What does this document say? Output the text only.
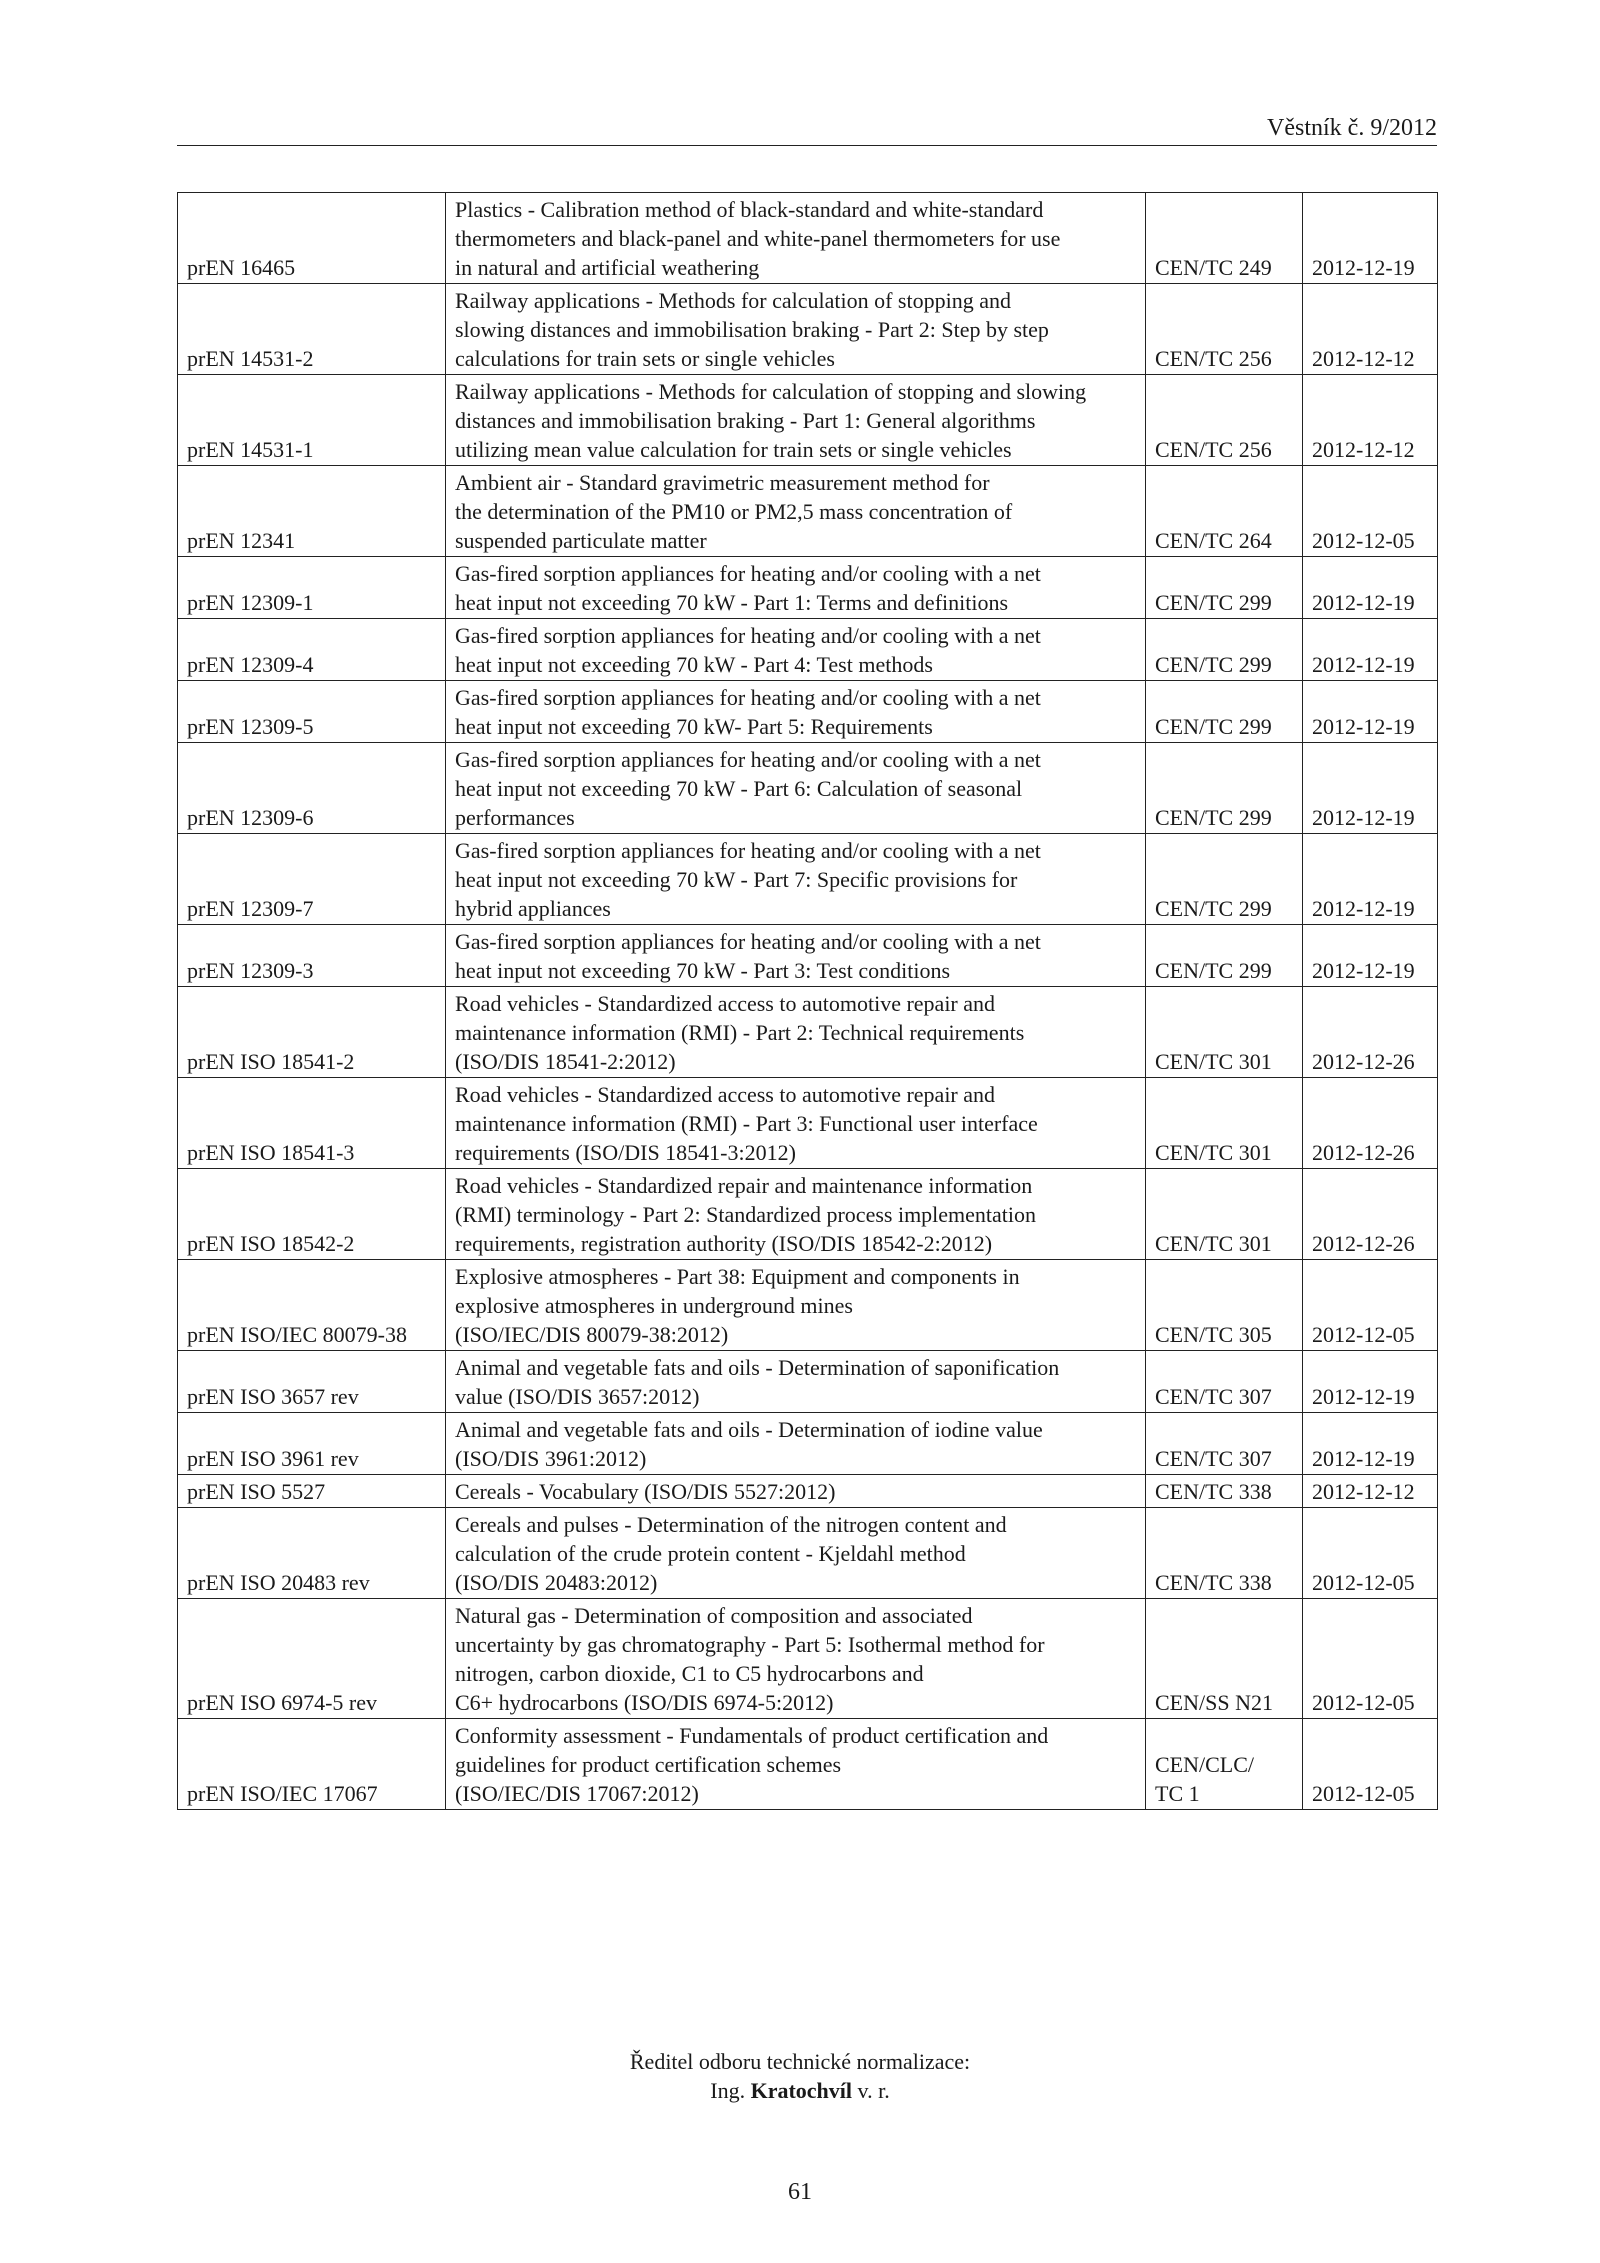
Věstník č. 9/2012
prEN 16465	Plastics - Calibration method of black-standard and white-standard
thermometers and black-panel and white-panel thermometers for use
in natural and artificial weathering	CEN/TC 249	2012-12-19
prEN 14531-2	Railway applications - Methods for calculation of stopping and
slowing distances and immobilisation braking - Part 2: Step by step
calculations for train sets or single vehicles	CEN/TC 256	2012-12-12
prEN 14531-1	Railway applications - Methods for calculation of stopping and slowing
distances and immobilisation braking - Part 1: General algorithms
utilizing mean value calculation for train sets or single vehicles	CEN/TC 256	2012-12-12
prEN 12341	Ambient air - Standard gravimetric measurement method for
the determination of the PM10 or PM2,5 mass concentration of
suspended particulate matter	CEN/TC 264	2012-12-05
prEN 12309-1	Gas-fired sorption appliances for heating and/or cooling with a net
heat input not exceeding 70 kW - Part 1: Terms and definitions	CEN/TC 299	2012-12-19
prEN 12309-4	Gas-fired sorption appliances for heating and/or cooling with a net
heat input not exceeding 70 kW - Part 4: Test methods	CEN/TC 299	2012-12-19
prEN 12309-5	Gas-fired sorption appliances for heating and/or cooling with a net
heat input not exceeding 70 kW- Part 5: Requirements	CEN/TC 299	2012-12-19
prEN 12309-6	Gas-fired sorption appliances for heating and/or cooling with a net
heat input not exceeding 70 kW - Part 6: Calculation of seasonal
performances	CEN/TC 299	2012-12-19
prEN 12309-7	Gas-fired sorption appliances for heating and/or cooling with a net
heat input not exceeding 70 kW - Part 7: Specific provisions for
hybrid appliances	CEN/TC 299	2012-12-19
prEN 12309-3	Gas-fired sorption appliances for heating and/or cooling with a net
heat input not exceeding 70 kW - Part 3: Test conditions	CEN/TC 299	2012-12-19
prEN ISO 18541-2	Road vehicles - Standardized access to automotive repair and
maintenance information (RMI) - Part 2: Technical requirements
(ISO/DIS 18541-2:2012)	CEN/TC 301	2012-12-26
prEN ISO 18541-3	Road vehicles - Standardized access to automotive repair and
maintenance information (RMI) - Part 3: Functional user interface
requirements (ISO/DIS 18541-3:2012)	CEN/TC 301	2012-12-26
prEN ISO 18542-2	Road vehicles - Standardized repair and maintenance information
(RMI) terminology - Part 2: Standardized process implementation
requirements, registration authority (ISO/DIS 18542-2:2012)	CEN/TC 301	2012-12-26
prEN ISO/IEC 80079-38	Explosive atmospheres - Part 38: Equipment and components in
explosive atmospheres in underground mines
(ISO/IEC/DIS 80079-38:2012)	CEN/TC 305	2012-12-05
prEN ISO 3657 rev	Animal and vegetable fats and oils - Determination of saponification
value (ISO/DIS 3657:2012)	CEN/TC 307	2012-12-19
prEN ISO 3961 rev	Animal and vegetable fats and oils - Determination of iodine value
(ISO/DIS 3961:2012)	CEN/TC 307	2012-12-19
prEN ISO 5527	Cereals - Vocabulary (ISO/DIS 5527:2012)	CEN/TC 338	2012-12-12
prEN ISO 20483 rev	Cereals and pulses - Determination of the nitrogen content and
calculation of the crude protein content - Kjeldahl method
(ISO/DIS 20483:2012)	CEN/TC 338	2012-12-05
prEN ISO 6974-5 rev	Natural gas - Determination of composition and associated
uncertainty by gas chromatography - Part 5: Isothermal method for
nitrogen, carbon dioxide, C1 to C5 hydrocarbons and
C6+ hydrocarbons (ISO/DIS 6974-5:2012)	CEN/SS N21	2012-12-05
prEN ISO/IEC 17067	Conformity assessment - Fundamentals of product certification and
guidelines for product certification schemes
(ISO/IEC/DIS 17067:2012)	CEN/CLC/
TC 1	2012-12-05
Ředitel odboru technické normalizace:
Ing. Kratochvíl v. r.
61
